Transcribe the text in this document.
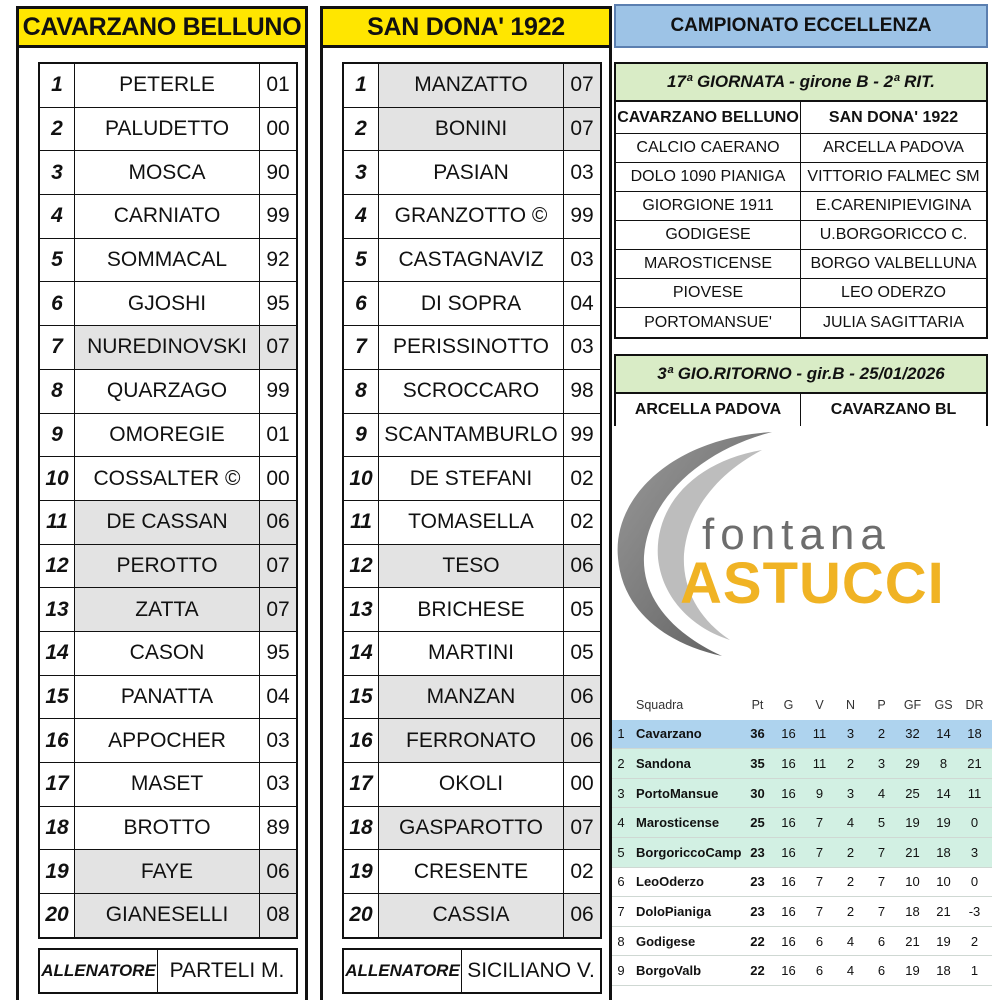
CAVARZANO BELLUNO
1	PETERLE	01
2	PALUDETTO	00
3	MOSCA	90
4	CARNIATO	99
5	SOMMACAL	92
6	GJOSHI	95
7	NUREDINOVSKI 07
8	QUARZAGO	99
9	OMOREGIE	01
10	COSSALTER ©	00
11	DE CASSAN	06
12	PEROTTO	07
13	ZATTA	07
14	CASON	95
15	PANATTA	04
16	APPOCHER	03
17	MASET	03
18	BROTTO	89
19	FAYE	06
20	GIANESELLI	08
ALLENATORE PARTELI M.
SAN DONA' 1922
1	MANZATTO	07
2	BONINI	07
3	PASIAN	03
4	GRANZOTTO ©	99
5	CASTAGNAVIZ	03
6	DI SOPRA	04
7	PERISSINOTTO	03
8	SCROCCARO	98
9 SCANTAMBURLO 99
10	DE STEFANI	02
11	TOMASELLA	02
12	TESO	06
13	BRICHESE	05
14	MARTINI	05
15	MANZAN	06
16	FERRONATO	06
17	OKOLI	00
18	GASPAROTTO	07
19	CRESENTE	02
20	CASSIA	06
ALLENATORE SICILIANO V.
CAMPIONATO ECCELLENZA
17ª GIORNATA - girone B - 2ª RIT.
CAVARZANO BELLUNO	SAN DONA' 1922
CALCIO CAERANO	ARCELLA PADOVA
DOLO 1090 PIANIGA	VITTORIO FALMEC SM
GIORGIONE 1911	E.CARENIPIEVIGINA
GODIGESE	U.BORGORICCO C.
MAROSTICENSE	BORGO VALBELLUNA
PIOVESE	LEO ODERZO
PORTOMANSUE'	JULIA SAGITTARIA
3ª GIO.RITORNO - gir.B - 25/01/2026
ARCELLA PADOVA	CAVARZANO BL
fontana
ASTUCCI
Squadra	Pt	G	V	N	P	GF	GS	DR
1 Cavarzano	36	16	11	3	2	32	14	18
2 Sandona	35	16	11	2	3	29	8	21
3 PortoMansue	30	16	9	3	4	25	14	11
4 Marosticense	25	16	7	4	5	19	19	0
5 BorgoriccoCamp 23	16	7	2	7	21	18	3
6 LeoOderzo	23	16	7	2	7	10	10	0
7 DoloPianiga	23	16	7	2	7	18	21	-3
8 Godigese	22	16	6	4	6	21	19	2
9 BorgoValb	22	16	6	4	6	19	18	1
